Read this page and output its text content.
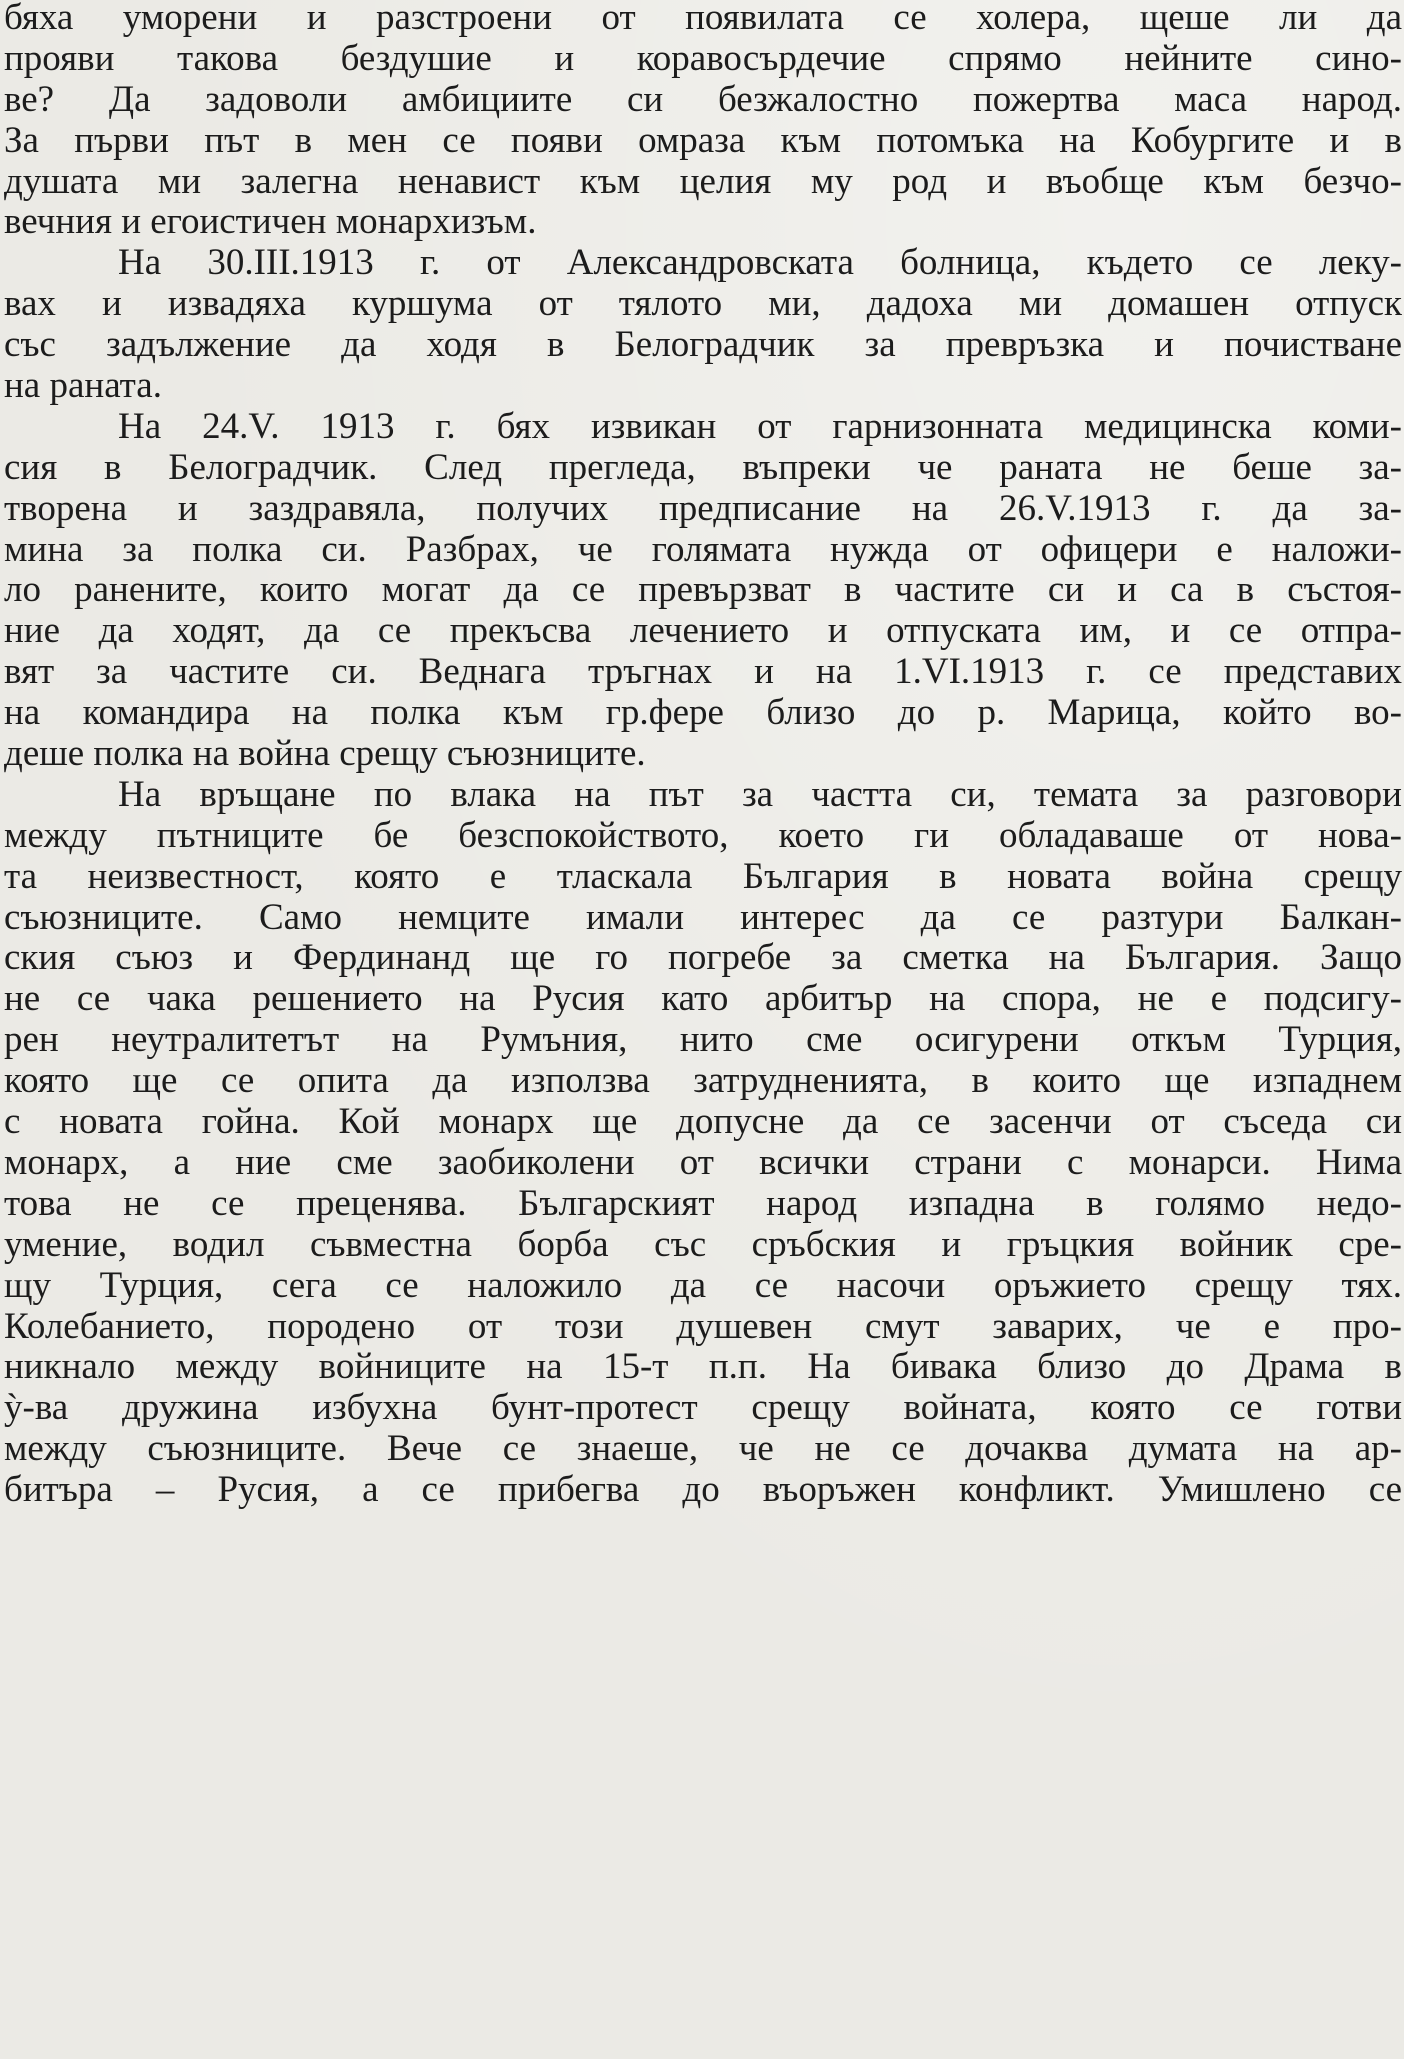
бяха уморени и разстроени от появилата се холера, щеше ли да
прояви такова бездушие и коравосърдечие спрямо нейните сино-
ве? Да задоволи амбициите си безжалостно пожертва маса народ.
За първи път в мен се появи омраза към потомъка на Кобургите и в
душата ми залегна ненавист към целия му род и въобще към безчо-
вечния и егоистичен монархизъм.
На 30.III.1913 г. от Александровската болница, където се леку-
вах и извадяха куршума от тялото ми, дадоха ми домашен отпуск
със задължение да ходя в Белоградчик за превръзка и почистване
на раната.
На 24.V. 1913 г. бях извикан от гарнизонната медицинска коми-
сия в Белоградчик. След прегледа, въпреки че раната не беше за-
творена и заздравяла, получих предписание на 26.V.1913 г. да за-
мина за полка си. Разбрах, че голямата нужда от офицери е наложи-
ло ранените, които могат да се превързват в частите си и са в състоя-
ние да ходят, да се прекъсва лечението и отпуската им, и се отпра-
вят за частите си. Веднага тръгнах и на 1.VI.1913 г. се представих
на командира на полка към гр.фере близо до р. Марица, който во-
деше полка на война срещу съюзниците.
На връщане по влака на път за частта си, темата за разговори
между пътниците бе безспокойството, което ги обладаваше от нова-
та неизвестност, която е тласкала България в новата война срещу
съюзниците. Само немците имали интерес да се разтури Балкан-
ския съюз и Фердинанд ще го погребе за сметка на България. Защо
не се чака решението на Русия като арбитър на спора, не е подсигу-
рен неутралитетът на Румъния, нито сме осигурени откъм Турция,
която ще се опита да използва затрудненията, в които ще изпаднем
с новата гойна. Кой монарх ще допусне да се засенчи от съседа си
монарх, а ние сме заобиколени от всички страни с монарси. Нима
това не се преценява. Българският народ изпадна в голямо недо-
умение, водил съвместна борба със сръбския и гръцкия войник сре-
щу Турция, сега се наложило да се насочи оръжието срещу тях.
Колебанието, породено от този душевен смут заварих, че е про-
никнало между войниците на 15-т п.п. На бивака близо до Драма в
ỳ-ва дружина избухна бунт-протест срещу войната, която се готви
между съюзниците. Вече се знаеше, че не се дочаква думата на ар-
битъра – Русия, а се прибегва до въоръжен конфликт. Умишлено се
